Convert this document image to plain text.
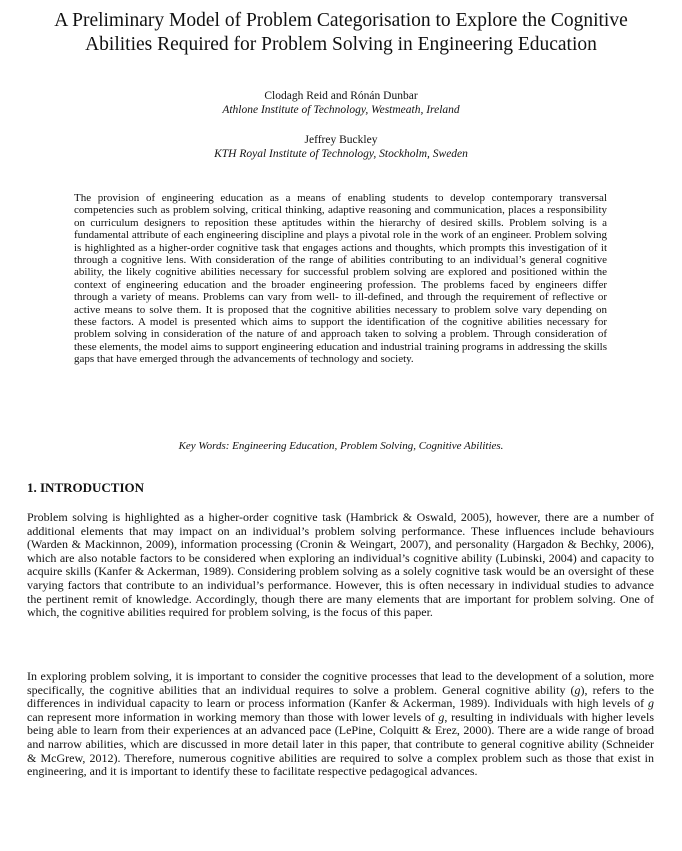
A Preliminary Model of Problem Categorisation to Explore the Cognitive Abilities Required for Problem Solving in Engineering Education
Clodagh Reid and Rónán Dunbar
Athlone Institute of Technology, Westmeath, Ireland
Jeffrey Buckley
KTH Royal Institute of Technology, Stockholm, Sweden

The provision of engineering education as a means of enabling students to develop contemporary transversal competencies such as problem solving, critical thinking, adaptive reasoning and communication, places a responsibility on curriculum designers to reposition these aptitudes within the hierarchy of desired skills. Problem solving is a fundamental attribute of each engineering discipline and plays a pivotal role in the work of an engineer. Problem solving is highlighted as a higher-order cognitive task that engages actions and thoughts, which prompts this investigation of it through a cognitive lens. With consideration of the range of abilities contributing to an individual’s general cognitive ability, the likely cognitive abilities necessary for successful problem solving are explored and positioned within the context of engineering education and the broader engineering profession. The problems faced by engineers differ through a variety of means. Problems can vary from well- to ill-defined, and through the requirement of reflective or active means to solve them. It is proposed that the cognitive abilities necessary to problem solve vary depending on these factors. A model is presented which aims to support the identification of the cognitive abilities necessary for problem solving in consideration of the nature of and approach taken to solving a problem. Through consideration of these elements, the model aims to support engineering education and industrial training programs in addressing the skills gaps that have emerged through the advancements of technology and society.

Key Words: Engineering Education, Problem Solving, Cognitive Abilities.

1. INTRODUCTION

Problem solving is highlighted as a higher-order cognitive task (Hambrick & Oswald, 2005), however, there are a number of additional elements that may impact on an individual’s problem solving performance. These influences include behaviours (Warden & Mackinnon, 2009), information processing (Cronin & Weingart, 2007), and personality (Hargadon & Bechky, 2006), which are also notable factors to be considered when exploring an individual’s cognitive ability (Lubinski, 2004) and capacity to acquire skills (Kanfer & Ackerman, 1989). Considering problem solving as a solely cognitive task would be an oversight of these varying factors that contribute to an individual’s performance. However, this is often necessary in individual studies to advance the pertinent remit of knowledge. Accordingly, though there are many elements that are important for problem solving. One of which, the cognitive abilities required for problem solving, is the focus of this paper.

In exploring problem solving, it is important to consider the cognitive processes that lead to the development of a solution, more specifically, the cognitive abilities that an individual requires to solve a problem. General cognitive ability (g), refers to the differences in individual capacity to learn or process information (Kanfer & Ackerman, 1989). Individuals with high levels of g can represent more information in working memory than those with lower levels of g, resulting in individuals with higher levels being able to learn from their experiences at an advanced pace (LePine, Colquitt & Erez, 2000). There are a wide range of broad and narrow abilities, which are discussed in more detail later in this paper, that contribute to general cognitive ability (Schneider & McGrew, 2012). Therefore, numerous cognitive abilities are required to solve a complex problem such as those that exist in engineering, and it is important to identify these to facilitate respective pedagogical advances.
